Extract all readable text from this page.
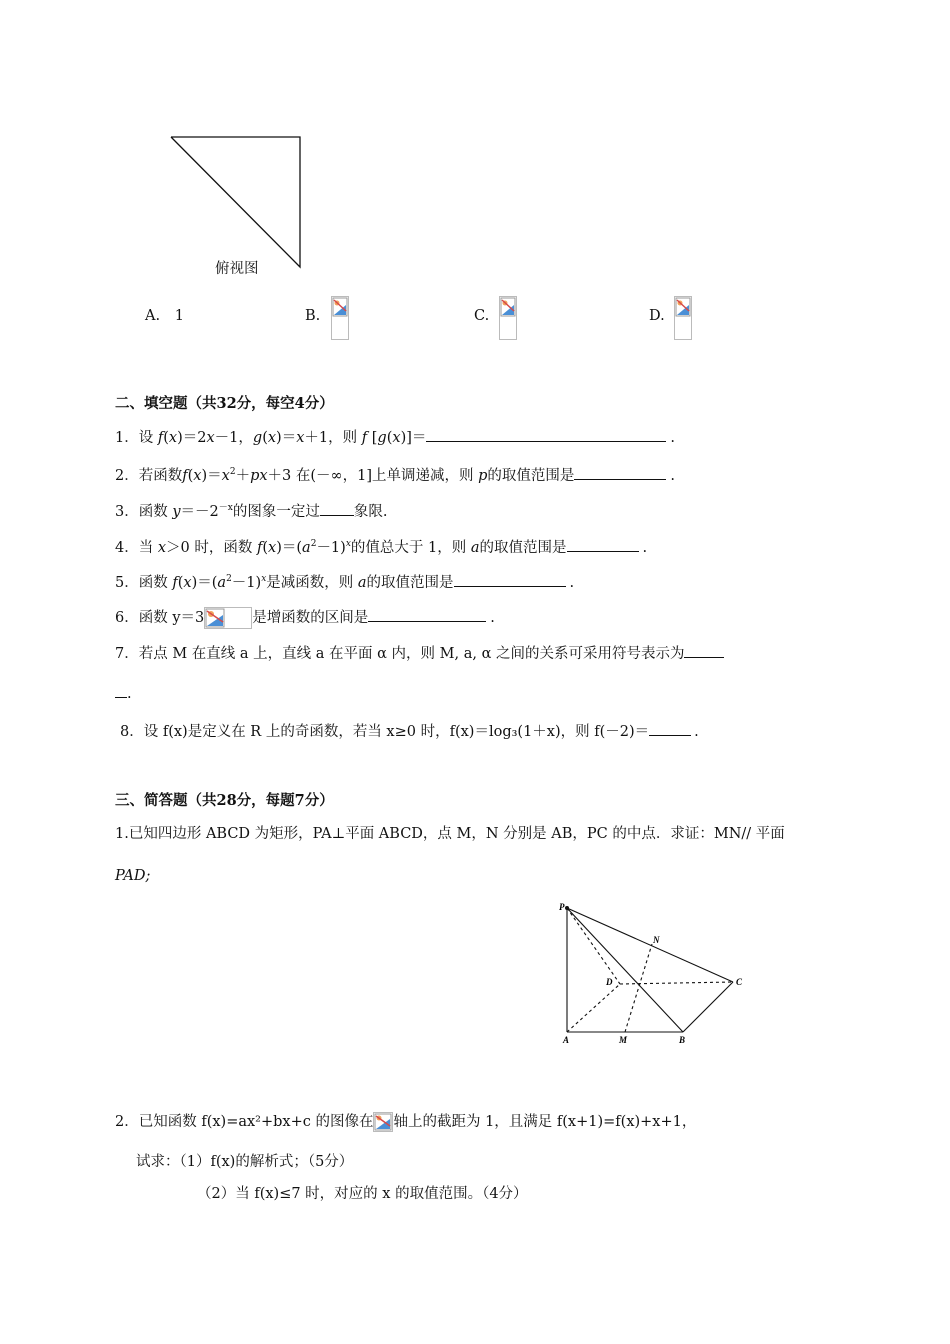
俯视图
A. 1	B.	C.	D.
二、填空题（共32分，每空4分）
1．设 f(x)＝2x－1，g(x)＝x＋1，则 f [g(x)]＝	.
2．若函数$f(x)=x^2+px+3$ 在(－∞，1]上单调递减，则 p的取值范围是	.
3．函数 $y=-2^{-x}$的图象一定过 象限.
4．当 x＞0 时，函数 $f(x)=(a^2-1)^x$的值总大于 1，则 a的取值范围是	.
5．函数 $f(x)=(a^2-1)^x$是减函数，则 a的取值范围是	.
6．函数 y＝3	是增函数的区间是	.
7．若点 M 在直线 a 上，直线 a 在平面 α 内，则 M, a, α 之间的关系可采用符号表示为
.
8．设 f(x)是定义在 R 上的奇函数，若当 x≥0 时，f(x)＝log₃(1＋x)，则 f(－2)＝	.
三、简答题（共28分，每题7分）
1.已知四边形 ABCD 为矩形，PA⊥平面 ABCD，点 M，N 分别是 AB，PC 的中点．求证：MN// 平面
PAD;
P
N
D	C
A	M	B
2．已知函数 f(x)=ax²+bx+c 的图像在 轴上的截距为 1，且满足 f(x+1)=f(x)+x+1，
试求：（1）f(x)的解析式；（5分）
（2）当 f(x)≤7 时，对应的 x 的取值范围。（4分）
